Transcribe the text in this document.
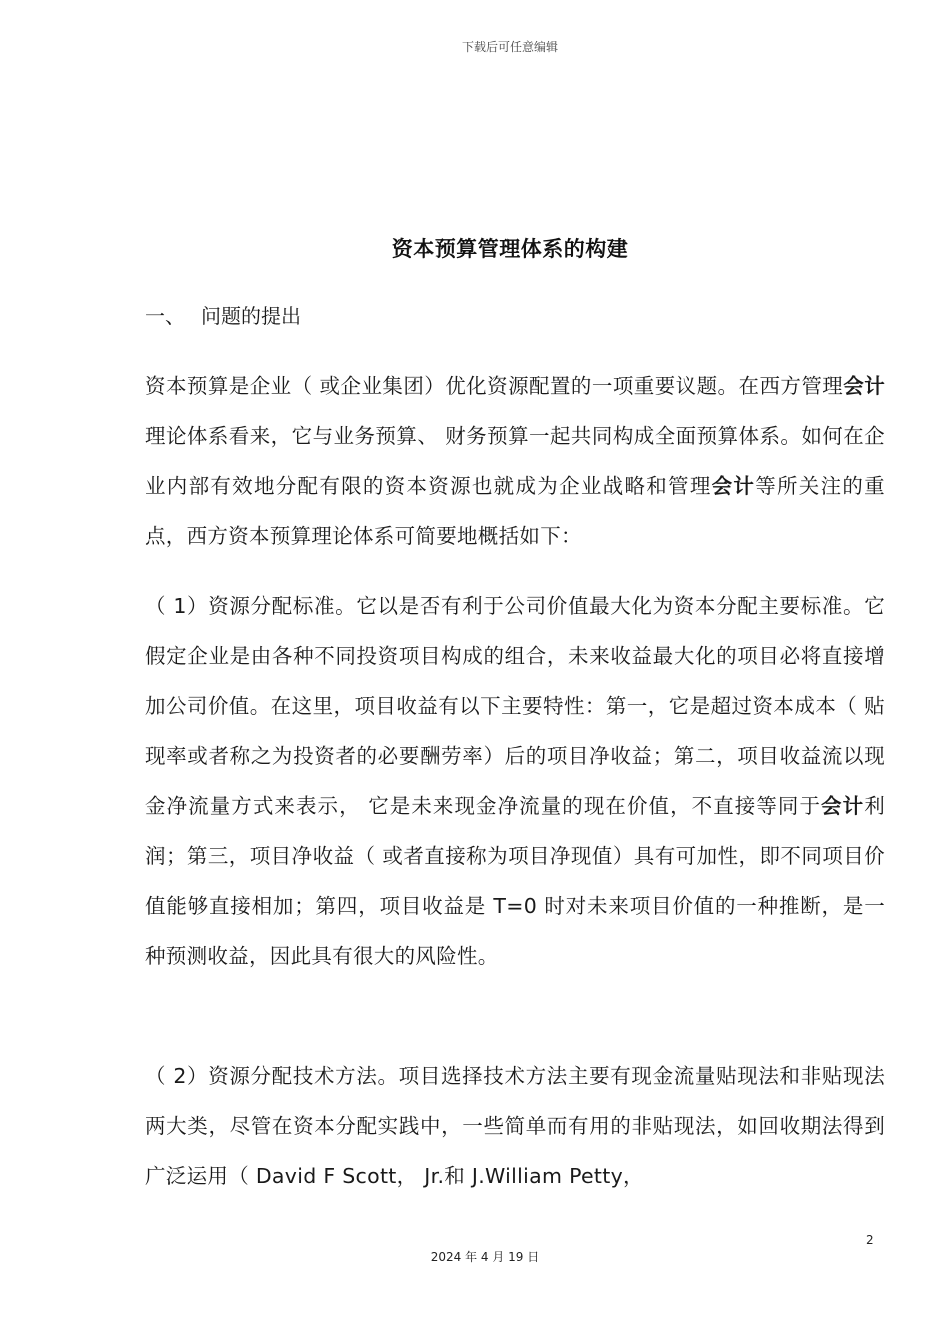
下载后可任意编辑
资本预算管理体系的构建
一、 问题的提出

资本预算是企业（ 或企业集团）优化资源配置的一项重要议题。在西方管理会计理论体系看来，它与业务预算、 财务预算一起共同构成全面预算体系。如何在企业内部有效地分配有限的资本资源也就成为企业战略和管理会计等所关注的重点，西方资本预算理论体系可简要地概括如下：

（ 1）资源分配标准。它以是否有利于公司价值最大化为资本分配主要标准。它假定企业是由各种不同投资项目构成的组合，未来收益最大化的项目必将直接增加公司价值。在这里，项目收益有以下主要特性：第一，它是超过资本成本（ 贴现率或者称之为投资者的必要酬劳率）后的项目净收益；第二，项目收益流以现金净流量方式来表示， 它是未来现金净流量的现在价值，不直接等同于会计利润；第三，项目净收益（ 或者直接称为项目净现值）具有可加性，即不同项目价值能够直接相加；第四，项目收益是 T=0 时对未来项目价值的一种推断，是一种预测收益，因此具有很大的风险性。

（ 2）资源分配技术方法。项目选择技术方法主要有现金流量贴现法和非贴现法两大类，尽管在资本分配实践中，一些简单而有用的非贴现法，如回收期法得到广泛运用（ David F Scott， Jr.和 J.William Petty，

2
2024 年 4 月 19 日
